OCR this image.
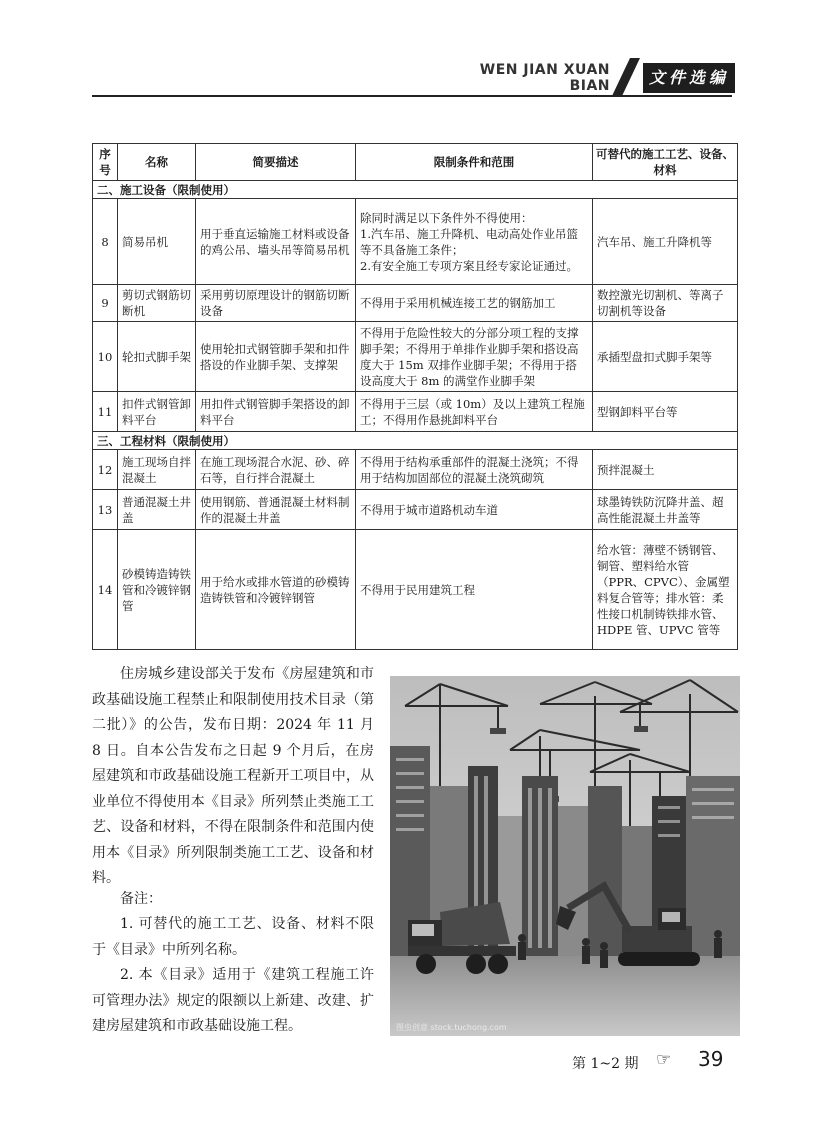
WEN JIAN XUAN BIAN	文件选编
序号	名称	简要描述	限制条件和范围	可替代的施工工艺、设备、材料
二、施工设备（限制使用）				
8	简易吊机	用于垂直运输施工材料或设备的鸡公吊、墙头吊等简易吊机	除同时满足以下条件外不得使用：
1.汽车吊、施工升降机、电动高处作业吊篮等不具备施工条件；
2.有安全施工专项方案且经专家论证通过。	汽车吊、施工升降机等
9	剪切式钢筋切断机	采用剪切原理设计的钢筋切断设备	不得用于采用机械连接工艺的钢筋加工	数控激光切割机、等离子切割机等设备
10	轮扣式脚手架	使用轮扣式钢管脚手架和扣件搭设的作业脚手架、支撑架	不得用于危险性较大的分部分项工程的支撑脚手架；不得用于单排作业脚手架和搭设高度大于 15m 双排作业脚手架；不得用于搭设高度大于 8m 的满堂作业脚手架	承插型盘扣式脚手架等
11	扣件式钢管卸料平台	用扣件式钢管脚手架搭设的卸料平台	不得用于三层（或 10m）及以上建筑工程施工；不得用作悬挑卸料平台	型钢卸料平台等
三、工程材料（限制使用）				
12	施工现场自拌混凝土	在施工现场混合水泥、砂、碎石等，自行拌合混凝土	不得用于结构承重部件的混凝土浇筑；不得用于结构加固部位的混凝土浇筑砌筑	预拌混凝土
13	普通混凝土井盖	使用钢筋、普通混凝土材料制作的混凝土井盖	不得用于城市道路机动车道	球墨铸铁防沉降井盖、超高性能混凝土井盖等
14	砂模铸造铸铁管和冷镀锌钢管	用于给水或排水管道的砂模铸造铸铁管和冷镀锌钢管	不得用于民用建筑工程	给水管：薄壁不锈钢管、铜管、塑料给水管（PPR、CPVC）、金属塑料复合管等；排水管：柔性接口机制铸铁排水管、HDPE 管、UPVC 管等

住房城乡建设部关于发布《房屋建筑和市政基础设施工程禁止和限制使用技术目录（第二批）》的公告，发布日期：2024 年 11 月 8 日。自本公告发布之日起 9 个月后，在房屋建筑和市政基础设施工程新开工项目中，从业单位不得使用本《目录》所列禁止类施工工艺、设备和材料，不得在限制条件和范围内使用本《目录》所列限制类施工工艺、设备和材料。

备注：

1. 可替代的施工工艺、设备、材料不限于《目录》中所列名称。

2. 本《目录》适用于《建筑工程施工许可管理办法》规定的限额以上新建、改建、扩建房屋建筑和市政基础设施工程。	图虫创意 stock.tuchong.com
第 1~2 期 ☞ 39
